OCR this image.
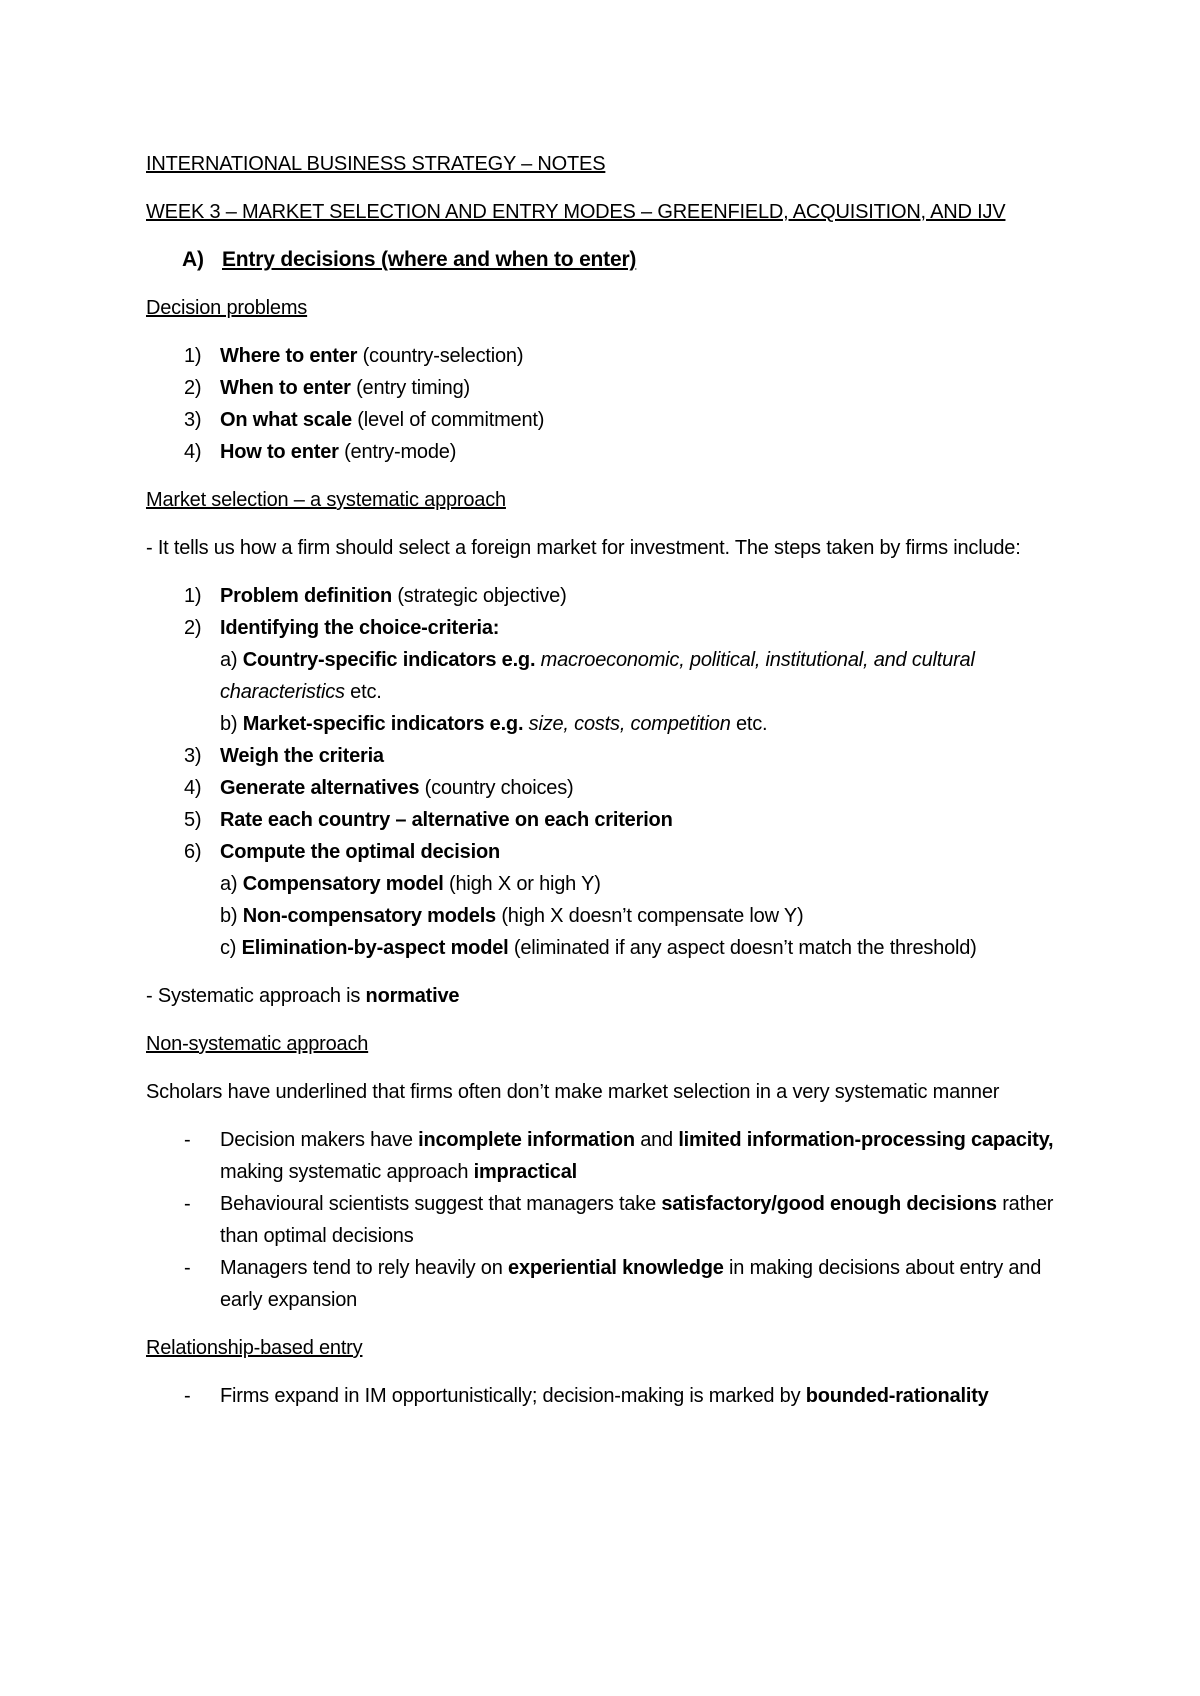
INTERNATIONAL BUSINESS STRATEGY – NOTES

WEEK 3 – MARKET SELECTION AND ENTRY MODES – GREENFIELD, ACQUISITION, AND IJV

A) Entry decisions (where and when to enter)

Decision problems

1) Where to enter (country-selection)
2) When to enter (entry timing)
3) On what scale (level of commitment)
4) How to enter (entry-mode)

Market selection – a systematic approach

- It tells us how a firm should select a foreign market for investment. The steps taken by firms include:

1) Problem definition (strategic objective)
2) Identifying the choice-criteria:
a) Country-specific indicators e.g. macroeconomic, political, institutional, and cultural characteristics etc.
b) Market-specific indicators e.g. size, costs, competition etc.
3) Weigh the criteria
4) Generate alternatives (country choices)
5) Rate each country – alternative on each criterion
6) Compute the optimal decision
a) Compensatory model (high X or high Y)
b) Non-compensatory models (high X doesn’t compensate low Y)
c) Elimination-by-aspect model (eliminated if any aspect doesn’t match the threshold)

- Systematic approach is normative

Non-systematic approach

Scholars have underlined that firms often don’t make market selection in a very systematic manner

-	Decision makers have incomplete information and limited information-processing capacity, making systematic approach impractical
-	Behavioural scientists suggest that managers take satisfactory/good enough decisions rather than optimal decisions
-	Managers tend to rely heavily on experiential knowledge in making decisions about entry and early expansion

Relationship-based entry

-	Firms expand in IM opportunistically; decision-making is marked by bounded-rationality
